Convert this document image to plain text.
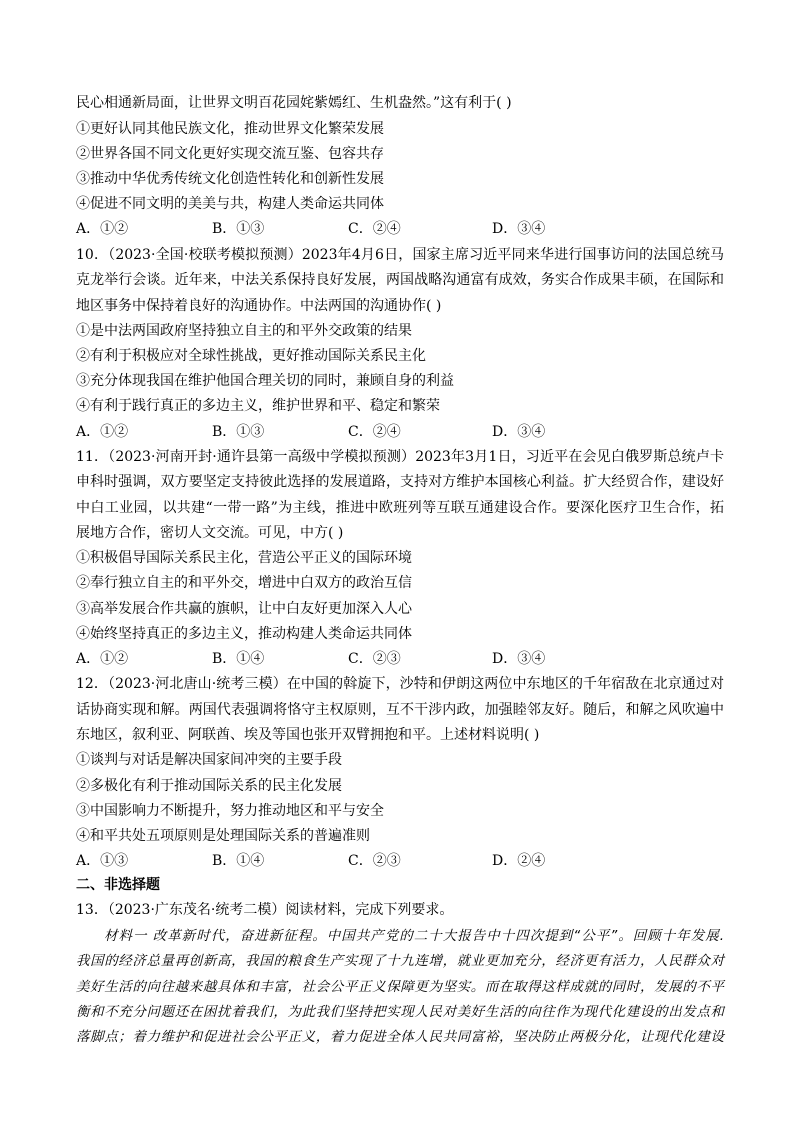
民心相通新局面，让世界文明百花园姹紫嫣红、生机盎然。”这有利于( )
①更好认同其他民族文化，推动世界文化繁荣发展
②世界各国不同文化更好实现交流互鉴、包容共存
③推动中华优秀传统文化创造性转化和创新性发展
④促进不同文明的美美与共，构建人类命运共同体
A．①②	B．①③	C．②④	D．③④
10．（2023·全国·校联考模拟预测）2023年4月6日，国家主席习近平同来华进行国事访问的法国总统马
克龙举行会谈。近年来，中法关系保持良好发展，两国战略沟通富有成效，务实合作成果丰硕，在国际和
地区事务中保持着良好的沟通协作。中法两国的沟通协作( )
①是中法两国政府坚持独立自主的和平外交政策的结果
②有利于积极应对全球性挑战，更好推动国际关系民主化
③充分体现我国在维护他国合理关切的同时，兼顾自身的利益
④有利于践行真正的多边主义，维护世界和平、稳定和繁荣
A．①②	B．①③	C．②④	D．③④
11．（2023·河南开封·通许县第一高级中学模拟预测）2023年3月1日，习近平在会见白俄罗斯总统卢卡
申科时强调，双方要坚定支持彼此选择的发展道路，支持对方维护本国核心利益。扩大经贸合作，建设好
中白工业园，以共建“一带一路”为主线，推进中欧班列等互联互通建设合作。要深化医疗卫生合作，拓
展地方合作，密切人文交流。可见，中方( )
①积极倡导国际关系民主化，营造公平正义的国际环境
②奉行独立自主的和平外交，增进中白双方的政治互信
③高举发展合作共赢的旗帜，让中白友好更加深入人心
④始终坚持真正的多边主义，推动构建人类命运共同体
A．①②	B．①④	C．②③	D．③④
12．（2023·河北唐山·统考三模）在中国的斡旋下，沙特和伊朗这两位中东地区的千年宿敌在北京通过对
话协商实现和解。两国代表强调将恪守主权原则，互不干涉内政，加强睦邻友好。随后，和解之风吹遍中
东地区，叙利亚、阿联酋、埃及等国也张开双臂拥抱和平。上述材料说明( )
①谈判与对话是解决国家间冲突的主要手段
②多极化有利于推动国际关系的民主化发展
③中国影响力不断提升，努力推动地区和平与安全
④和平共处五项原则是处理国际关系的普遍准则
A．①③	B．①④	C．②③	D．②④
二、非选择题
13．（2023·广东茂名·统考二模）阅读材料，完成下列要求。
材料一 改革新时代，奋进新征程。中国共产党的二十大报告中十四次提到“公平”。回顾十年发展.
我国的经济总量再创新高，我国的粮食生产实现了十九连增，就业更加充分，经济更有活力，人民群众对
美好生活的向往越来越具体和丰富，社会公平正义保障更为坚实。而在取得这样成就的同时，发展的不平
衡和不充分问题还在困扰着我们，为此我们坚持把实现人民对美好生活的向往作为现代化建设的出发点和
落脚点；着力维护和促进社会公平正义，着力促进全体人民共同富裕，坚决防止两极分化，让现代化建设
